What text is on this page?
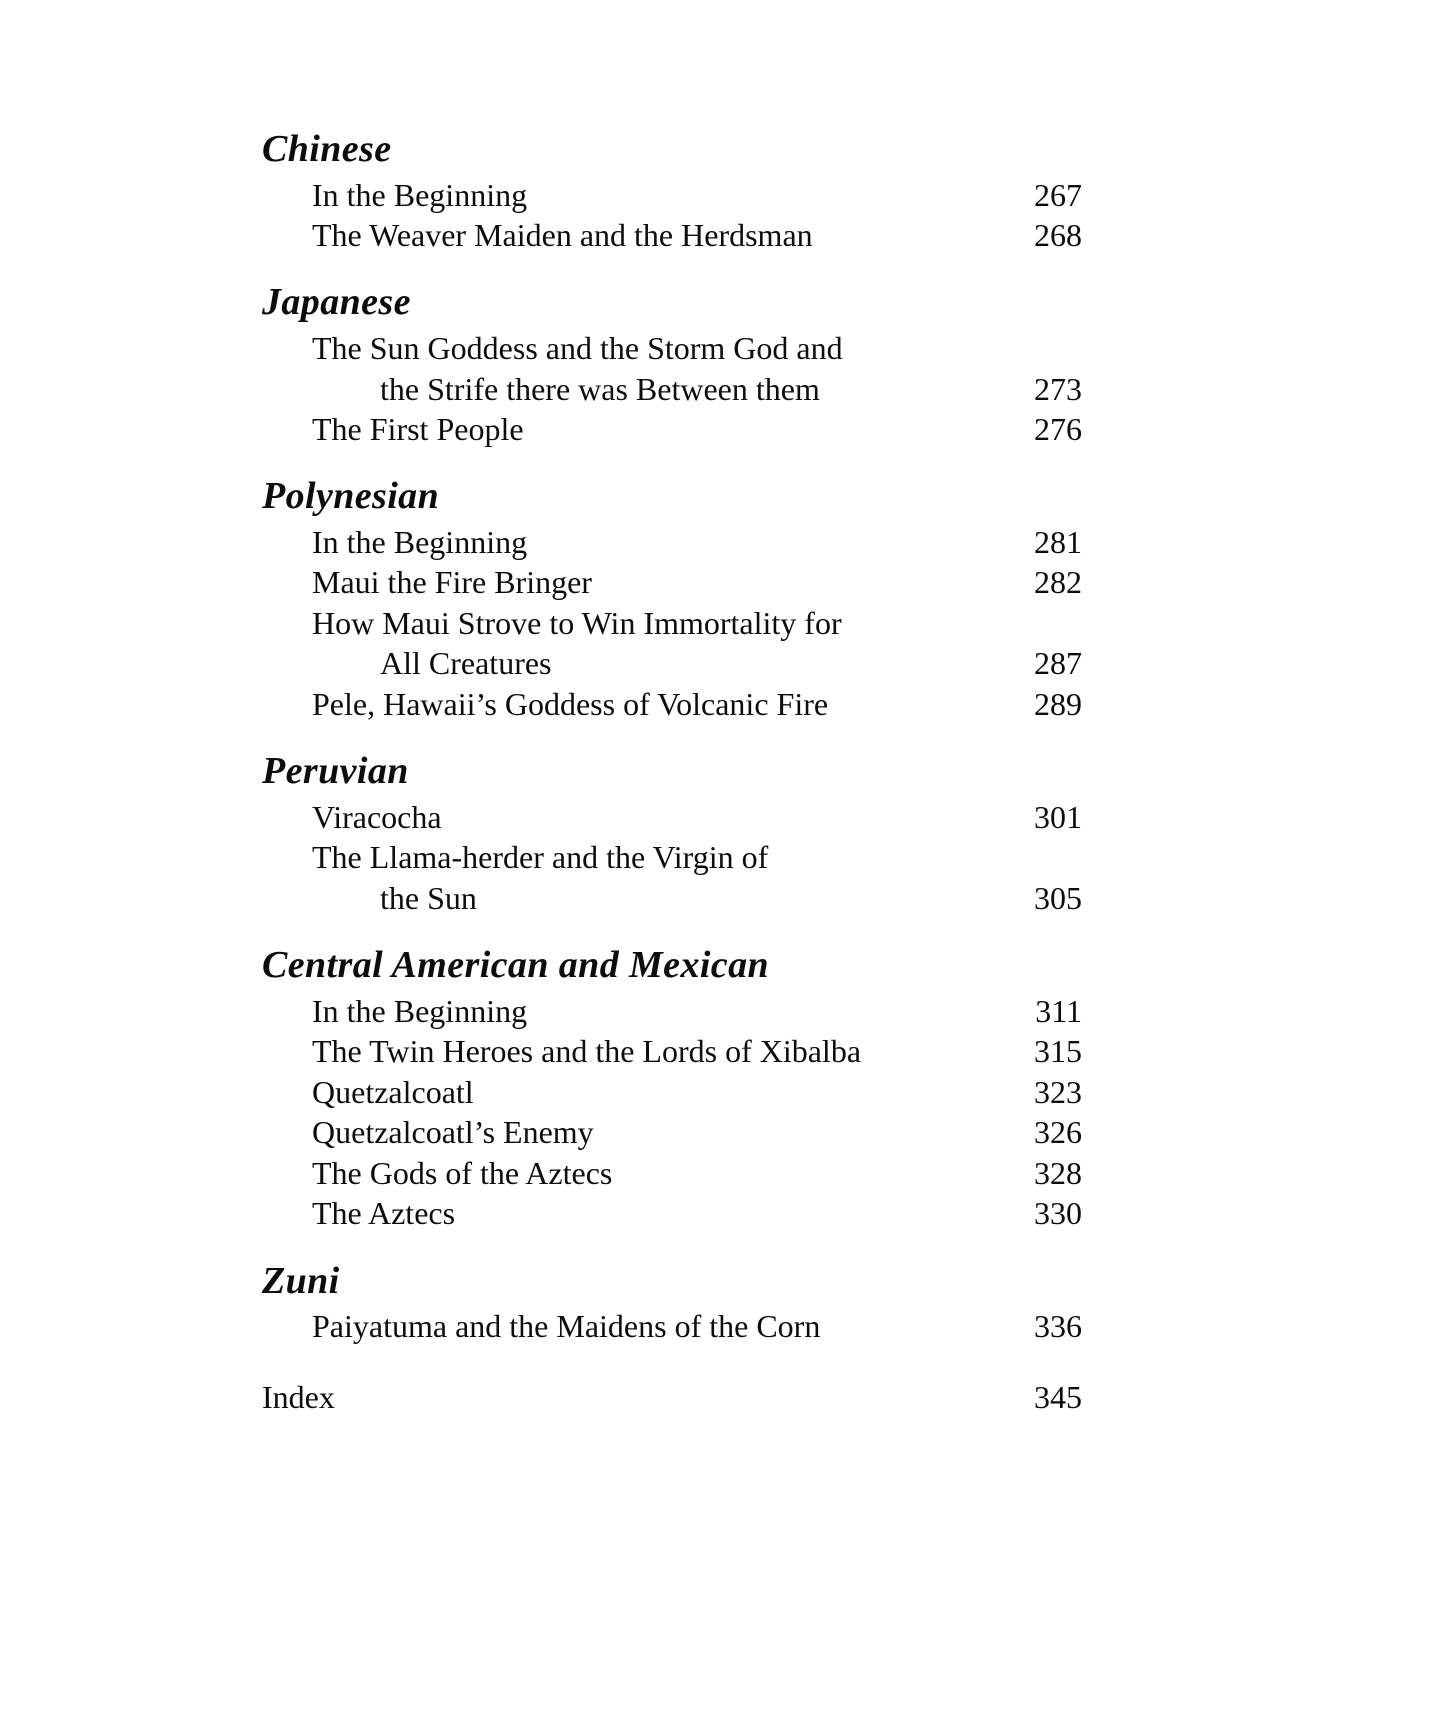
Chinese
In the Beginning	267
The Weaver Maiden and the Herdsman	268
Japanese
The Sun Goddess and the Storm God and
the Strife there was Between them	273
The First People	276
Polynesian
In the Beginning	281
Maui the Fire Bringer	282
How Maui Strove to Win Immortality for
All Creatures	287
Pele, Hawaii’s Goddess of Volcanic Fire	289
Peruvian
Viracocha	301
The Llama-herder and the Virgin of
the Sun	305
Central American and Mexican
In the Beginning	311
The Twin Heroes and the Lords of Xibalba	315
Quetzalcoatl	323
Quetzalcoatl’s Enemy	326
The Gods of the Aztecs	328
The Aztecs	330
Zuni
Paiyatuma and the Maidens of the Corn	336
Index	345
